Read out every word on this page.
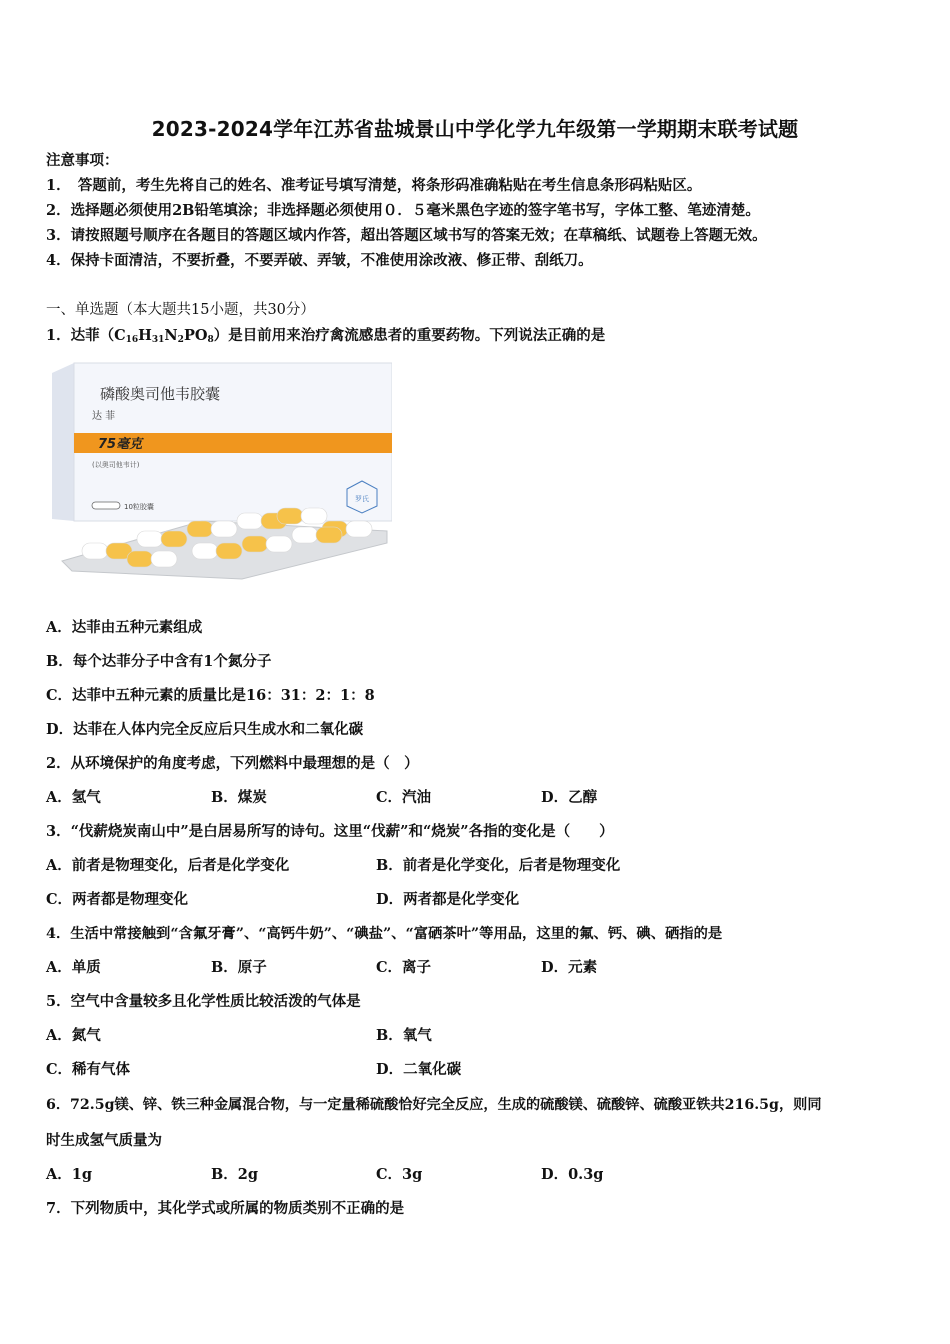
2023-2024学年江苏省盐城景山中学化学九年级第一学期期末联考试题
注意事项：
1．　答题前，考生先将自己的姓名、准考证号填写清楚，将条形码准确粘贴在考生信息条形码粘贴区。
2．选择题必须使用2B铅笔填涂；非选择题必须使用０．５毫米黑色字迹的签字笔书写，字体工整、笔迹清楚。
3．请按照题号顺序在各题目的答题区域内作答，超出答题区域书写的答案无效；在草稿纸、试题卷上答题无效。
4．保持卡面清洁，不要折叠，不要弄破、弄皱，不准使用涂改液、修正带、刮纸刀。
一、单选题（本大题共15小题，共30分）
1．达菲$(C_{16}H_{31}N_2PO_8)$是目前用来治疗禽流感患者的重要药物。下列说法正确的是
磷酸奥司他韦胶囊
达 菲
75毫克
(以奥司他韦计)
10粒胶囊
罗氏
A．达菲由五种元素组成
B．每个达菲分子中含有1个氮分子
C．达菲中五种元素的质量比是16：31：2：1：8
D．达菲在人体内完全反应后只生成水和二氧化碳
2．从环境保护的角度考虑，下列燃料中最理想的是（　）
A．氢气	B．煤炭	C．汽油	D．乙醇
3．“伐薪烧炭南山中”是白居易所写的诗句。这里“伐薪”和“烧炭”各指的变化是（　　）
A．前者是物理变化，后者是化学变化	B．前者是化学变化，后者是物理变化
C．两者都是物理变化	D．两者都是化学变化
4．生活中常接触到“含氟牙膏”、“高钙牛奶”、“碘盐”、“富硒茶叶”等用品，这里的氟、钙、碘、硒指的是
A．单质	B．原子	C．离子	D．元素
5．空气中含量较多且化学性质比较活泼的气体是
A．氮气	B．氧气
C．稀有气体	D．二氧化碳
6．72.5g镁、锌、铁三种金属混合物，与一定量稀硫酸恰好完全反应，生成的硫酸镁、硫酸锌、硫酸亚铁共216.5g，则同
时生成氢气质量为
A．1g	B．2g	C．3g	D．0.3g
7．下列物质中，其化学式或所属的物质类别不正确的是
